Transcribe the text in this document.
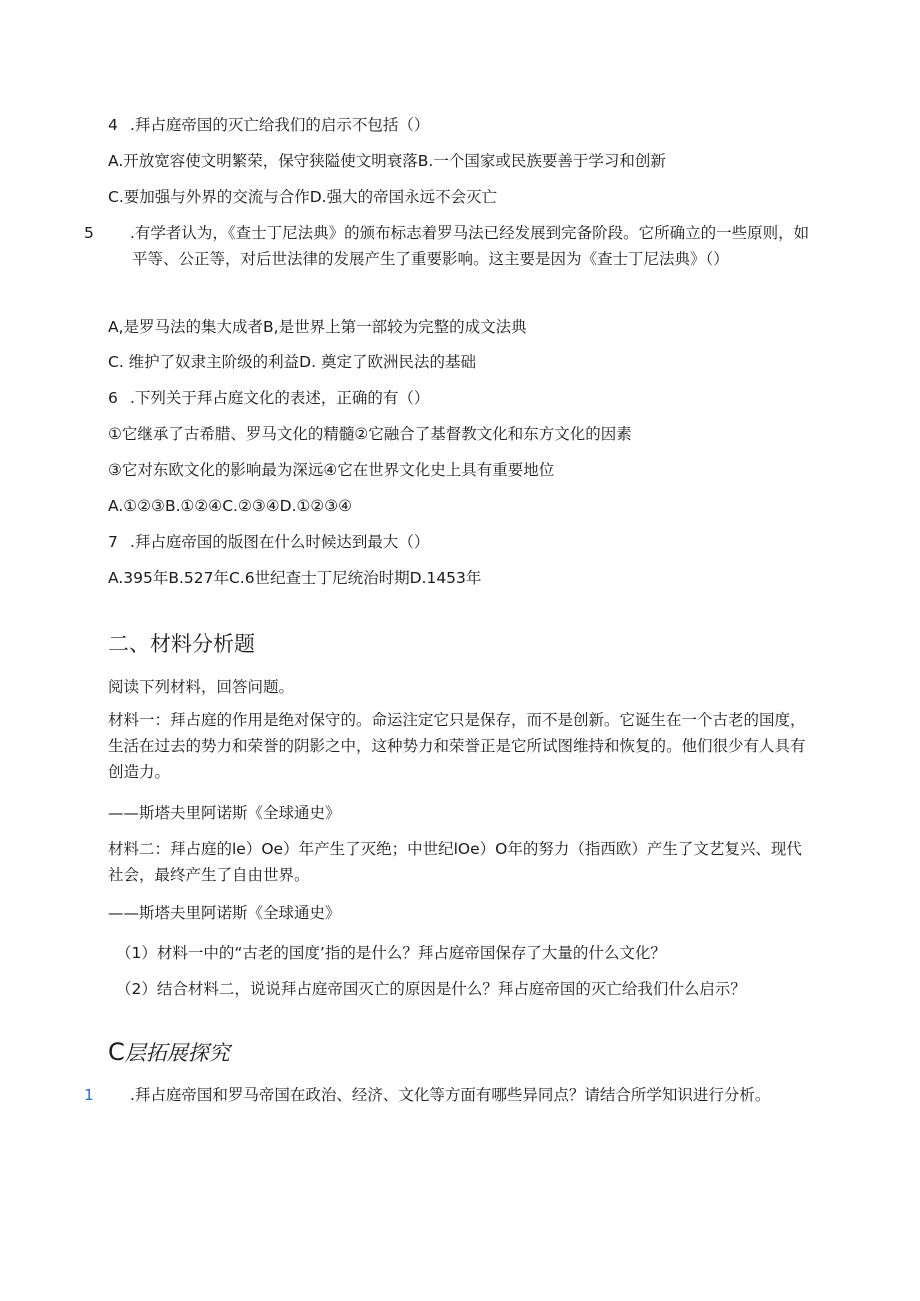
4 .拜占庭帝国的灭亡给我们的启示不包括（）
A.开放宽容使文明繁荣，保守狭隘使文明衰落B.一个国家或民族要善于学习和创新
C.要加强与外界的交流与合作D.强大的帝国永远不会灭亡
5 .有学者认为，《查士丁尼法典》的颁布标志着罗马法已经发展到完备阶段。它所确立的一些原则，如平等、公正等，对后世法律的发展产生了重要影响。这主要是因为《查士丁尼法典》（）
A,是罗马法的集大成者B,是世界上第一部较为完整的成文法典
C. 维护了奴隶主阶级的利益D. 奠定了欧洲民法的基础
6 .下列关于拜占庭文化的表述，正确的有（）
①它继承了古希腊、罗马文化的精髓②它融合了基督教文化和东方文化的因素
③它对东欧文化的影响最为深远④它在世界文化史上具有重要地位
A.①②③B.①②④C.②③④D.①②③④
7 .拜占庭帝国的版图在什么时候达到最大（）
A.395年B.527年C.6世纪查士丁尼统治时期D.1453年
二、材料分析题
阅读下列材料，回答问题。
材料一：拜占庭的作用是绝对保守的。命运注定它只是保存，而不是创新。它诞生在一个古老的国度，生活在过去的势力和荣誉的阴影之中，这种势力和荣誉正是它所试图维持和恢复的。他们很少有人具有创造力。
——斯塔夫里阿诺斯《全球通史》
材料二：拜占庭的le）Oe）年产生了灭绝；中世纪lOe）O年的努力（指西欧）产生了文艺复兴、现代社会，最终产生了自由世界。
——斯塔夫里阿诺斯《全球通史》
（1）材料一中的“古老的国度’指的是什么？拜占庭帝国保存了大量的什么文化？
（2）结合材料二，说说拜占庭帝国灭亡的原因是什么？拜占庭帝国的灭亡给我们什么启示？
C层拓展探究
1 .拜占庭帝国和罗马帝国在政治、经济、文化等方面有哪些异同点？请结合所学知识进行分析。
